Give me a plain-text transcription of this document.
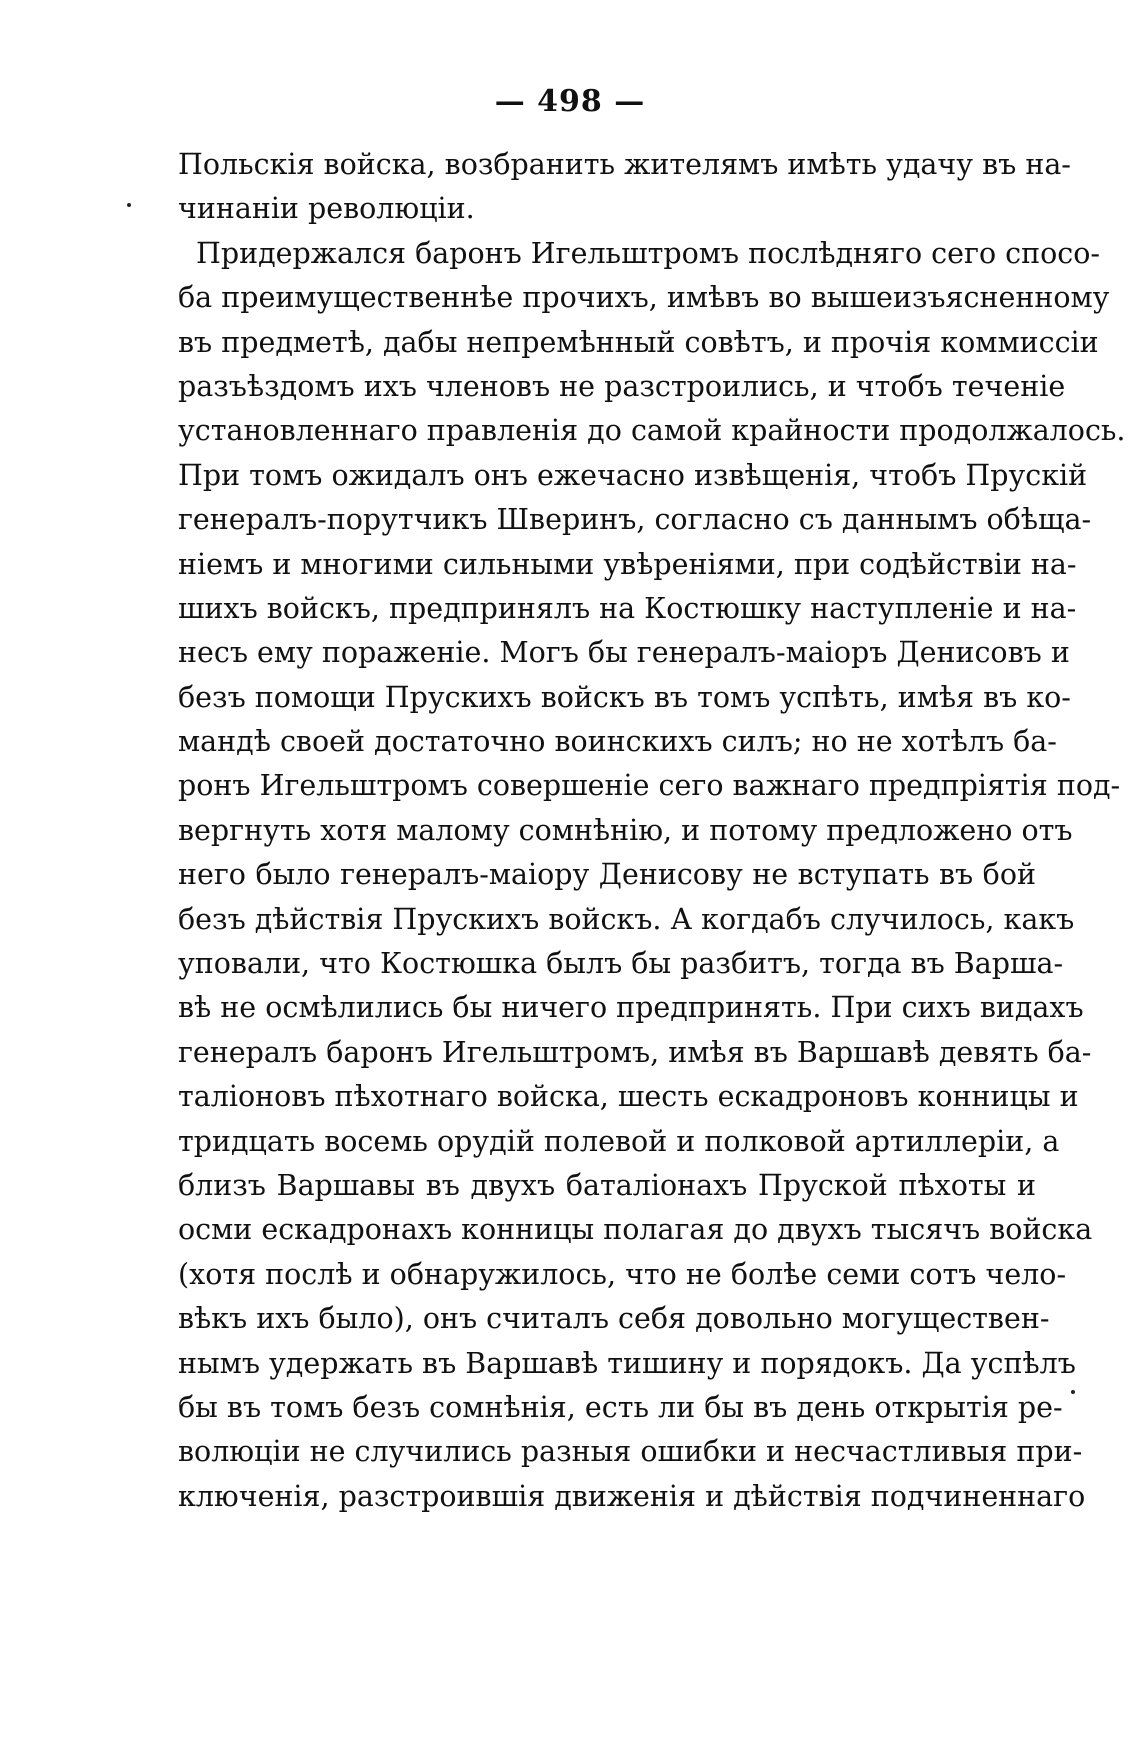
— 498 —
Польскія войска, возбранить жителямъ имѣть удачу въ на-
чинаніи революціи.
Придержался баронъ Игельштромъ послѣдняго сего спосо-
ба преимущественнѣе прочихъ, имѣвъ во вышеизъясненному
въ предметѣ, дабы непремѣнный совѣтъ, и прочія коммиссіи
разъѣздомъ ихъ членовъ не разстроились, и чтобъ теченіе
установленнаго правленія до самой крайности продолжалось.
При томъ ожидалъ онъ ежечасно извѣщенія, чтобъ Прускій
генералъ-порутчикъ Шверинъ, согласно съ даннымъ обѣща-
ніемъ и многими сильными увѣреніями, при содѣйствіи на-
шихъ войскъ, предпринялъ на Костюшку наступленіе и на-
несъ ему пораженіе. Могъ бы генералъ-маіоръ Денисовъ и
безъ помощи Прускихъ войскъ въ томъ успѣть, имѣя въ ко-
мандѣ своей достаточно воинскихъ силъ; но не хотѣлъ ба-
ронъ Игельштромъ совершеніе сего важнаго предпріятія под-
вергнуть хотя малому сомнѣнію, и потому предложено отъ
него было генералъ-маіору Денисову не вступать въ бой
безъ дѣйствія Прускихъ войскъ. А когдабъ случилось, какъ
уповали, что Костюшка былъ бы разбитъ, тогда въ Варша-
вѣ не осмѣлились бы ничего предпринять. При сихъ видахъ
генералъ баронъ Игельштромъ, имѣя въ Варшавѣ девять ба-
таліоновъ пѣхотнаго войска, шесть ескадроновъ конницы и
тридцать восемь орудій полевой и полковой артиллеріи, а
близъ Варшавы въ двухъ баталіонахъ Пруской пѣхоты и
осми ескадронахъ конницы полагая до двухъ тысячъ войска
(хотя послѣ и обнаружилось, что не болѣе семи сотъ чело-
вѣкъ ихъ было), онъ считалъ себя довольно могуществен-
нымъ удержать въ Варшавѣ тишину и порядокъ. Да успѣлъ
бы въ томъ безъ сомнѣнія, есть ли бы въ день открытія ре-
волюціи не случились разныя ошибки и несчастливыя при-
ключенія, разстроившія движенія и дѣйствія подчиненнаго
